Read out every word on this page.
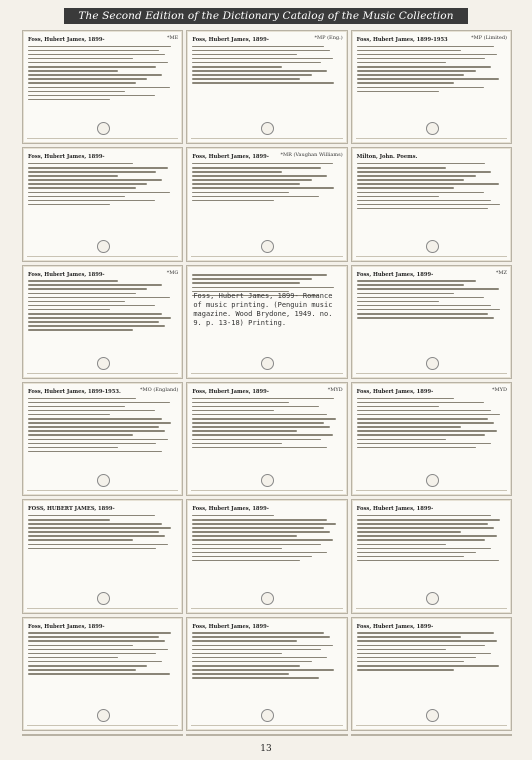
The Second Edition of the Dictionary Catalog of the Music Collection
*ME
Foss, Hubert James, 1899-	*MP (Eng.)
Foss, Hubert James, 1899-	*MP (Limited)
Foss, Hubert James, 1899-1953
Foss, Hubert James, 1899-	*MR (Vaughan Williams)
Foss, Hubert James, 1899-	Milton, John. Poems.
*MG
Foss, Hubert James, 1899-
Foss, Hubert James, 1899- Romance of music printing. (Penguin music magazine. Wood Brydone, 1949. no. 9. p. 13-18) Printing.
*MZ
Foss, Hubert James, 1899-
*MO (England)
Foss, Hubert James, 1899-1953.	*MYD
Foss, Hubert James, 1899-	*MYD
Foss, Hubert James, 1899-
FOSS, HUBERT JAMES, 1899-	Foss, Hubert James, 1899-	Foss, Hubert James, 1899-
Foss, Hubert James, 1899-	Foss, Hubert James, 1899-	Foss, Hubert James, 1899-
13
